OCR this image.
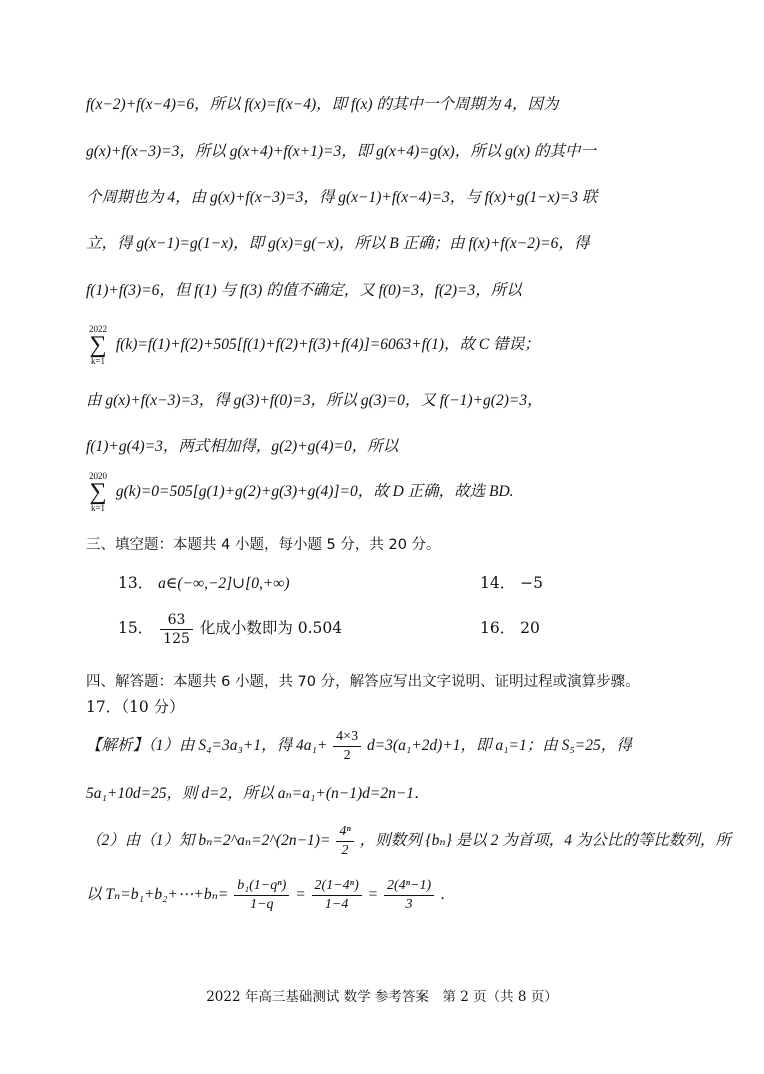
f(x−2)+f(x−4)=6，所以 f(x)=f(x−4)，即 f(x) 的其中一个周期为 4，因为
g(x)+f(x−3)=3，所以 g(x+4)+f(x+1)=3，即 g(x+4)=g(x)，所以 g(x) 的其中一
个周期也为 4，由 g(x)+f(x−3)=3，得 g(x−1)+f(x−4)=3，与 f(x)+g(1−x)=3 联
立，得 g(x−1)=g(1−x)，即 g(x)=g(−x)，所以 B 正确；由 f(x)+f(x−2)=6，得
f(1)+f(3)=6，但 f(1) 与 f(3) 的值不确定，又 f(0)=3，f(2)=3，所以
2022
∑
k=1
f(k)=f(1)+f(2)+505[f(1)+f(2)+f(3)+f(4)]=6063+f(1)，故 C 错误；
由 g(x)+f(x−3)=3，得 g(3)+f(0)=3，所以 g(3)=0，又 f(−1)+g(2)=3，
f(1)+g(4)=3，两式相加得，g(2)+g(4)=0，所以
2020
∑
k=1
g(k)=0=505[g(1)+g(2)+g(3)+g(4)]=0，故 D 正确，故选 BD.
三、填空题：本题共 4 小题，每小题 5 分，共 20 分。
13． a∈(−∞,−2]∪[0,+∞)	14． −5
15． $\frac{63}{125}$ 化成小数即为 0.504	16． 20
四、解答题：本题共 6 小题，共 70 分，解答应写出文字说明、证明过程或演算步骤。
17．（10 分）
【解析】（1）由 S₄=3a₃+1，得 $4a_1+ \frac{4\times 3}{2} d=3(a_1+2d)+1$，即 a₁=1；由 S₅=25，得
5a₁+10d=25，则 d=2，所以 aₙ=a₁+(n−1)d=2n−1．
（2）由（1）知 bₙ=2^aₙ=2^(2n−1)= $\frac{\text{4ⁿ}}{2}$ ，则数列 {bₙ} 是以 2 为首项，4 为公比的等比数列，所
以 Tₙ=b₁+b₂+⋯+bₙ= $\frac{\text{b₁(1−qⁿ)}}{1-q} = \frac{\text{2(1−4ⁿ)}}{1-4} = \frac{\text{2(4ⁿ−1)}}{3}$ ．
2022 年高三基础测试 数学 参考答案　第 2 页（共 8 页）
